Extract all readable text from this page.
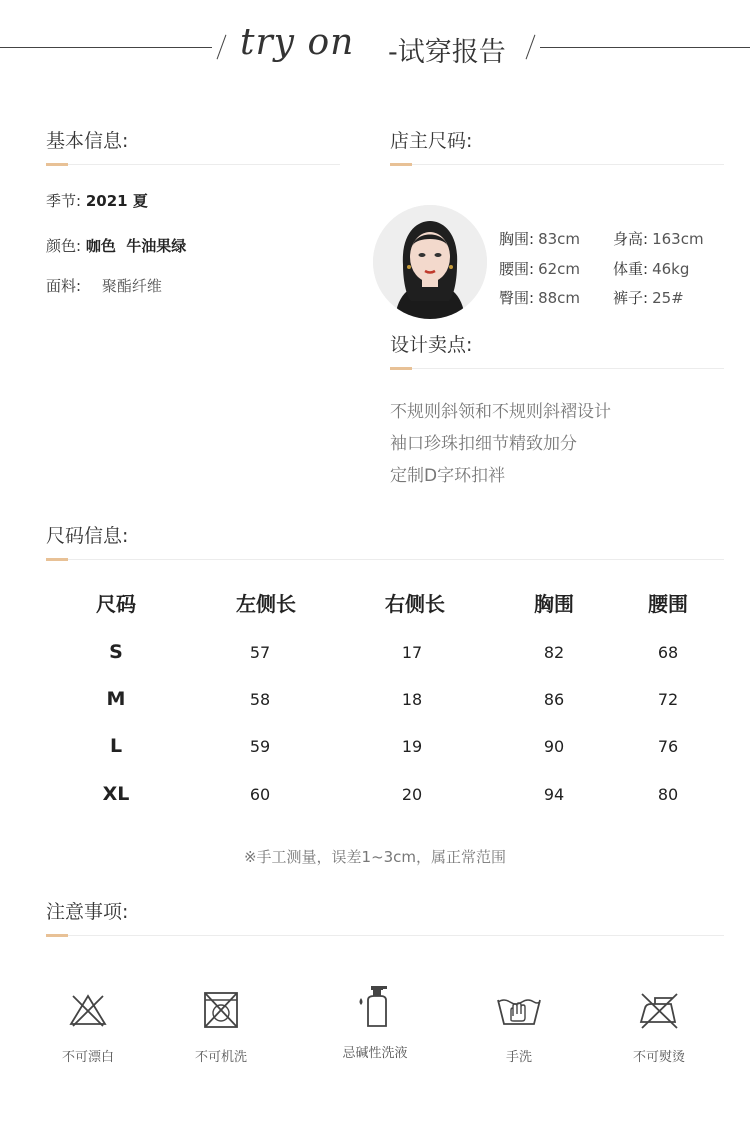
try on -试穿报告
基本信息:
季节: 2021 夏
颜色: 咖色  牛油果绿
面料: 聚酯纤维
店主尺码:
胸围: 83cm 身高: 163cm
腰围: 62cm 体重: 46kg
臀围: 88cm 裤子: 25#
设计卖点:
不规则斜领和不规则斜褶设计
袖口珍珠扣细节精致加分
定制D字环扣袢
尺码信息:
尺码	左侧长	右侧长	胸围	腰围
S	57	17	82	68
M	58	18	86	72
L	59	19	90	76
XL	60	20	94	80
※手工测量，误差1~3cm，属正常范围
注意事项:
不可漂白	不可机洗	忌碱性洗液	手洗	不可熨烫
